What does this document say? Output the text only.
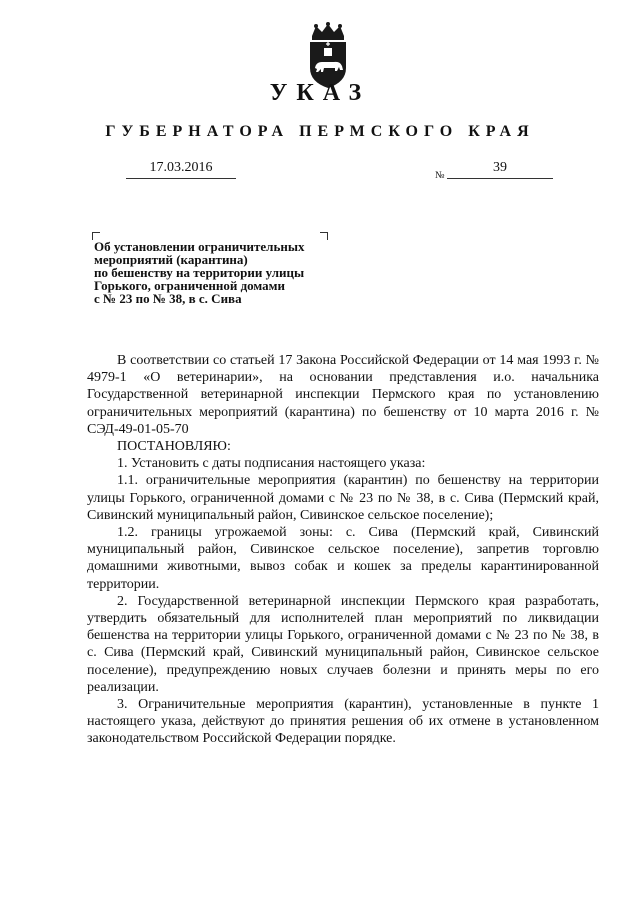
УКАЗ
ГУБЕРНАТОРА ПЕРМСКОГО КРАЯ
17.03.2016
№
39
Об установлении ограничительных
мероприятий (карантина)
по бешенству на территории улицы
Горького, ограниченной домами
с № 23 по № 38, в с. Сива

В соответствии со статьей 17 Закона Российской Федерации от 14 мая 1993 г. № 4979-1 «О ветеринарии», на основании представления и.о. начальника Государственной ветеринарной инспекции Пермского края по установлению ограничительных мероприятий (карантина) по бешенству от 10 марта 2016 г. № СЭД-49-01-05-70

ПОСТАНОВЛЯЮ:

1. Установить с даты подписания настоящего указа:

1.1. ограничительные мероприятия (карантин) по бешенству на территории улицы Горького, ограниченной домами с № 23 по № 38, в с. Сива (Пермский край, Сивинский муниципальный район, Сивинское сельское поселение);

1.2. границы угрожаемой зоны: с. Сива (Пермский край, Сивинский муниципальный район, Сивинское сельское поселение), запретив торговлю домашними животными, вывоз собак и кошек за пределы карантинированной территории.

2. Государственной ветеринарной инспекции Пермского края разработать, утвердить обязательный для исполнителей план мероприятий по ликвидации бешенства на территории улицы Горького, ограниченной домами с № 23 по № 38, в с. Сива (Пермский край, Сивинский муниципальный район, Сивинское сельское поселение), предупреждению новых случаев болезни и принять меры по его реализации.

3. Ограничительные мероприятия (карантин), установленные в пункте 1 настоящего указа, действуют до принятия решения об их отмене в установленном законодательством Российской Федерации порядке.
